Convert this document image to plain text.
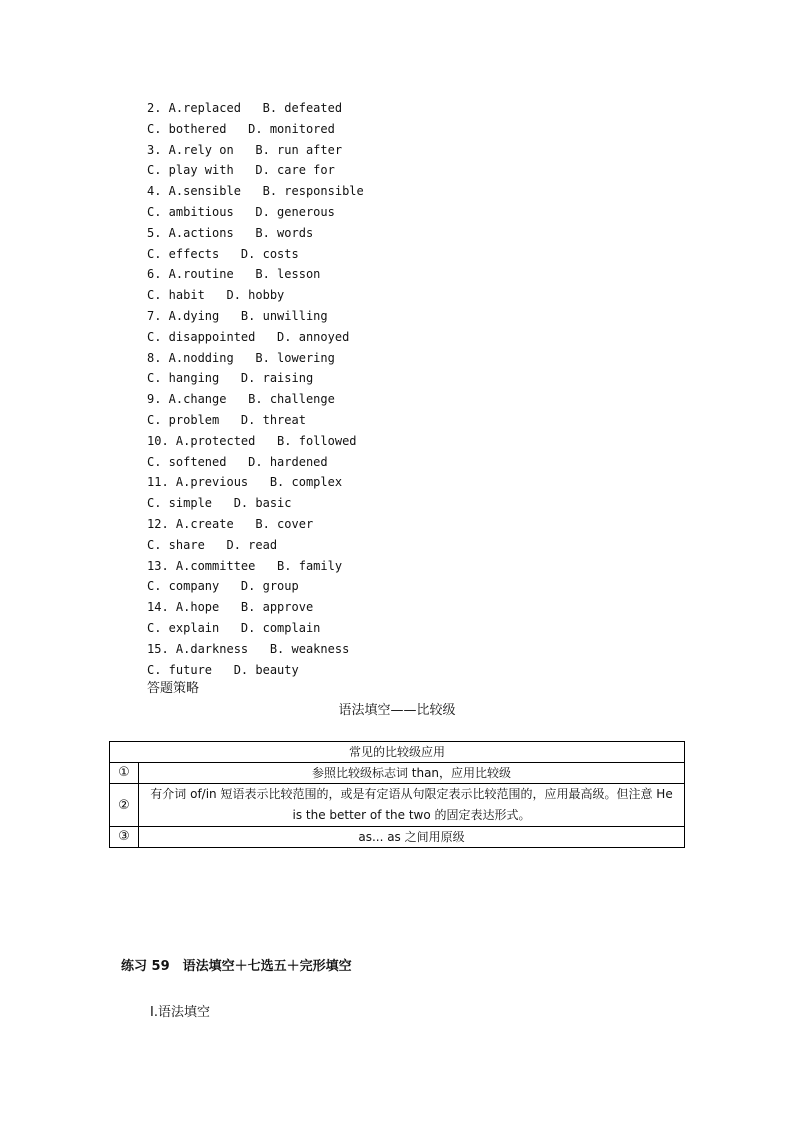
2. A.replaced   B. defeated
C. bothered   D. monitored
3. A.rely on   B. run after
C. play with   D. care for
4. A.sensible   B. responsible
C. ambitious   D. generous
5. A.actions   B. words
C. effects   D. costs
6. A.routine   B. lesson
C. habit   D. hobby
7. A.dying   B. unwilling
C. disappointed   D. annoyed
8. A.nodding   B. lowering
C. hanging   D. raising
9. A.change   B. challenge
C. problem   D. threat
10. A.protected   B. followed
C. softened   D. hardened
11. A.previous   B. complex
C. simple   D. basic
12. A.create   B. cover
C. share   D. read
13. A.committee   B. family
C. company   D. group
14. A.hope   B. approve
C. explain   D. complain
15. A.darkness   B. weakness
C. future   D. beauty
答题策略
语法填空——比较级
常见的比较级应用	
①	参照比较级标志词 than，应用比较级
②	有介词 of/in 短语表示比较范围的，或是有定语从句限定表示比较范围的，应用最高级。但注意 He is the better of the two 的固定表达形式。
③	as... as 之间用原级
练习 59　语法填空＋七选五＋完形填空
Ⅰ.语法填空
